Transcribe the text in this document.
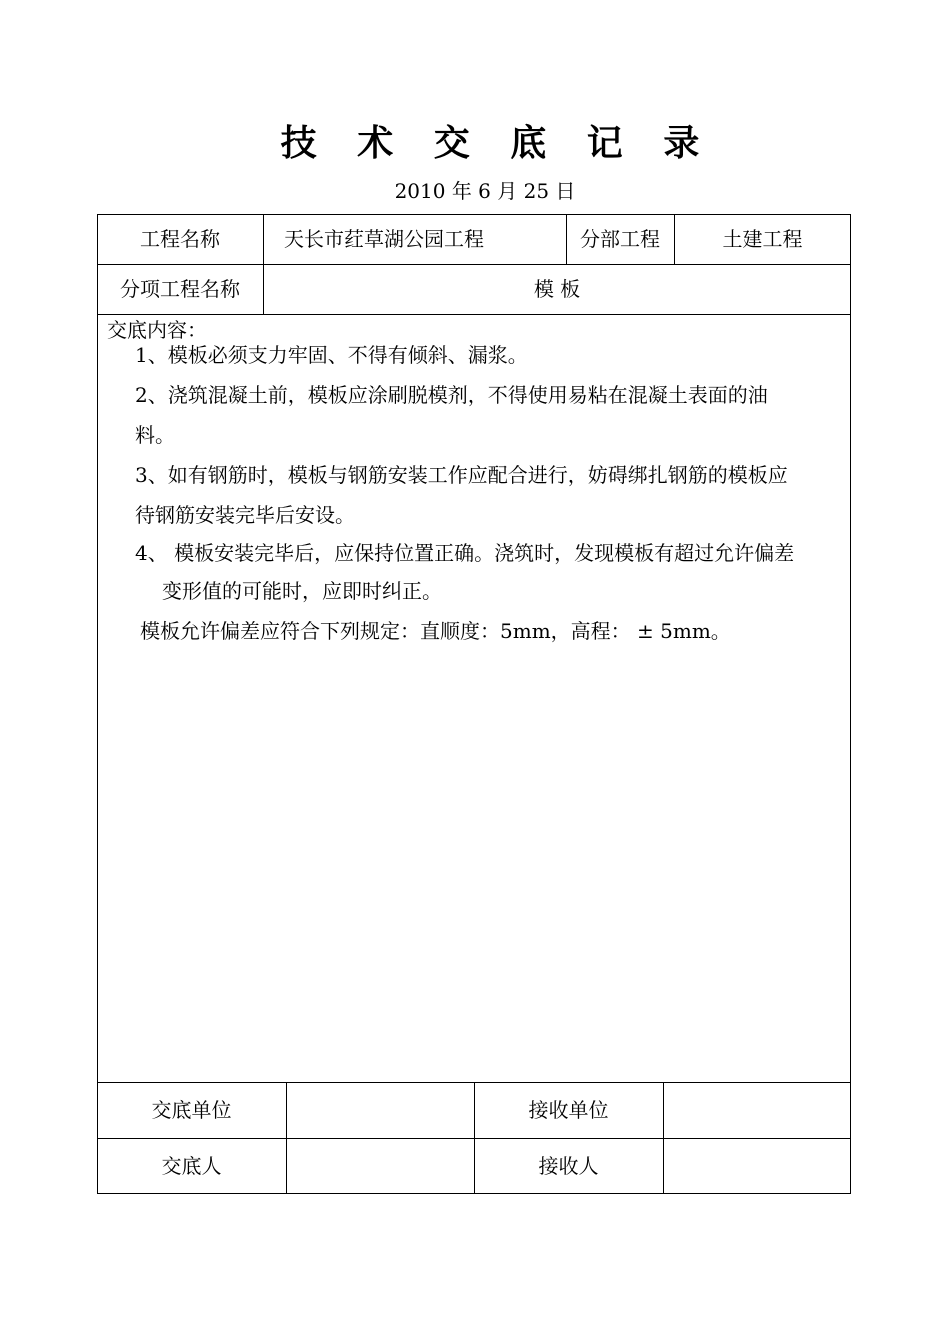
技 术 交 底 记 录
2010 年 6 月 25 日
工程名称	天长市荭草湖公园工程	分部工程	土建工程
分项工程名称	模 板
交底内容：
1、模板必须支力牢固、不得有倾斜、漏浆。
2、浇筑混凝土前，模板应涂刷脱模剂，不得使用易粘在混凝土表面的油
料。
3、如有钢筋时，模板与钢筋安装工作应配合进行，妨碍绑扎钢筋的模板应
待钢筋安装完毕后安设。
4、 模板安装完毕后，应保持位置正确。浇筑时，发现模板有超过允许偏差
变形值的可能时，应即时纠正。
模板允许偏差应符合下列规定：直顺度：5mm，高程： ± 5mm。
交底单位	接收单位
交底人	接收人
